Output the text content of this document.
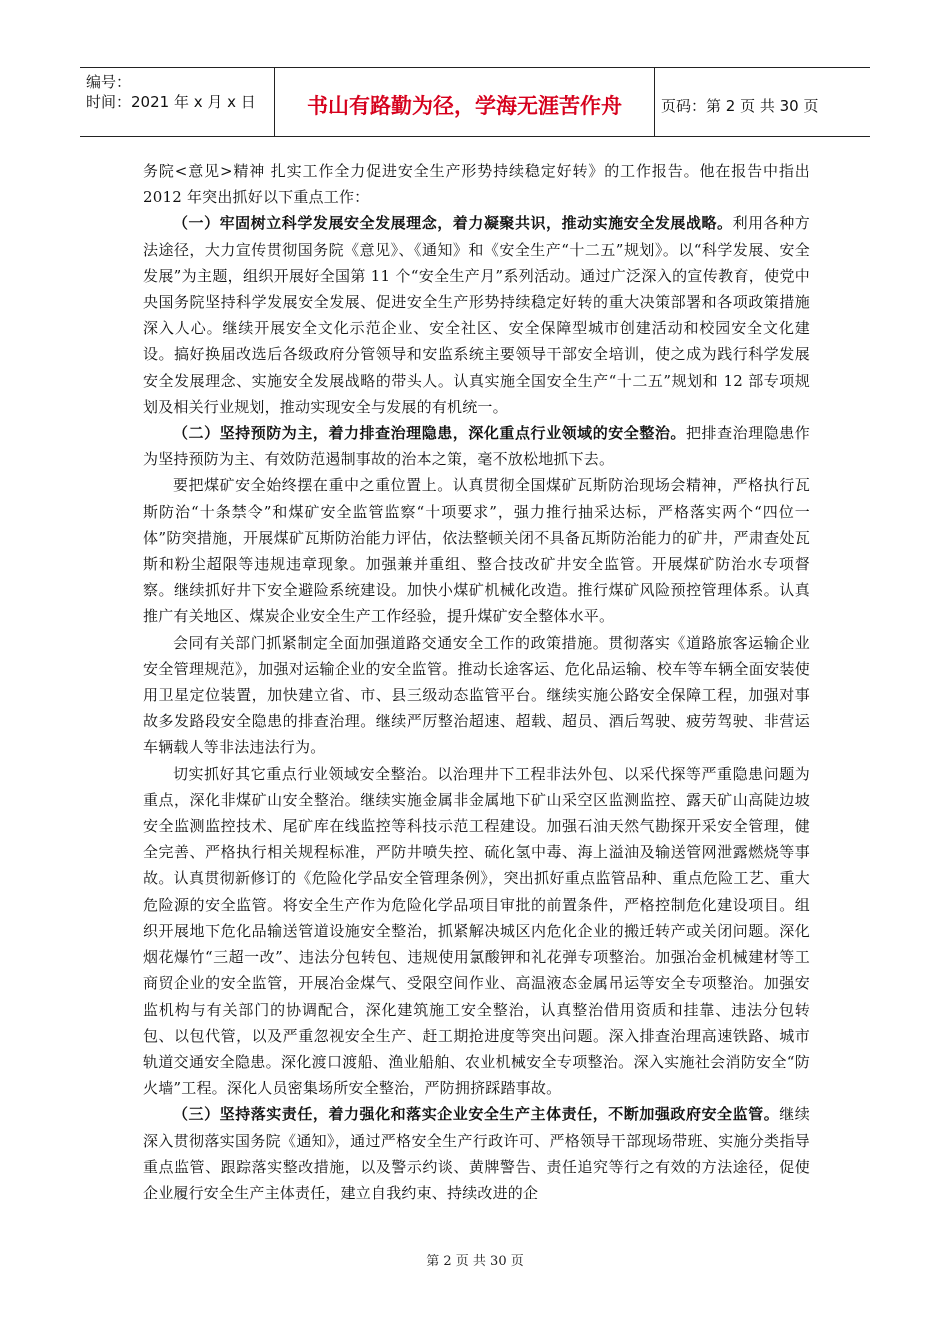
编号：
时间：2021 年 x 月 x 日	书山有路勤为径，学海无涯苦作舟	页码：第 2 页 共 30 页

务院<意见>精神 扎实工作全力促进安全生产形势持续稳定好转》的工作报告。他在报告中指出 2012 年突出抓好以下重点工作：

（一）牢固树立科学发展安全发展理念，着力凝聚共识，推动实施安全发展战略。利用各种方法途径，大力宣传贯彻国务院《意见》、《通知》和《安全生产“十二五”规划》。以“科学发展、安全发展”为主题，组织开展好全国第 11 个“安全生产月”系列活动。通过广泛深入的宣传教育，使党中央国务院坚持科学发展安全发展、促进安全生产形势持续稳定好转的重大决策部署和各项政策措施深入人心。继续开展安全文化示范企业、安全社区、安全保障型城市创建活动和校园安全文化建设。搞好换届改选后各级政府分管领导和安监系统主要领导干部安全培训，使之成为践行科学发展安全发展理念、实施安全发展战略的带头人。认真实施全国安全生产“十二五”规划和 12 部专项规划及相关行业规划，推动实现安全与发展的有机统一。

（二）坚持预防为主，着力排查治理隐患，深化重点行业领域的安全整治。把排查治理隐患作为坚持预防为主、有效防范遏制事故的治本之策，毫不放松地抓下去。

要把煤矿安全始终摆在重中之重位置上。认真贯彻全国煤矿瓦斯防治现场会精神，严格执行瓦斯防治“十条禁令”和煤矿安全监管监察“十项要求”，强力推行抽采达标，严格落实两个“四位一体”防突措施，开展煤矿瓦斯防治能力评估，依法整顿关闭不具备瓦斯防治能力的矿井，严肃查处瓦斯和粉尘超限等违规违章现象。加强兼并重组、整合技改矿井安全监管。开展煤矿防治水专项督察。继续抓好井下安全避险系统建设。加快小煤矿机械化改造。推行煤矿风险预控管理体系。认真推广有关地区、煤炭企业安全生产工作经验，提升煤矿安全整体水平。

会同有关部门抓紧制定全面加强道路交通安全工作的政策措施。贯彻落实《道路旅客运输企业安全管理规范》，加强对运输企业的安全监管。推动长途客运、危化品运输、校车等车辆全面安装使用卫星定位装置，加快建立省、市、县三级动态监管平台。继续实施公路安全保障工程，加强对事故多发路段安全隐患的排查治理。继续严厉整治超速、超载、超员、酒后驾驶、疲劳驾驶、非营运车辆载人等非法违法行为。

切实抓好其它重点行业领域安全整治。以治理井下工程非法外包、以采代探等严重隐患问题为重点，深化非煤矿山安全整治。继续实施金属非金属地下矿山采空区监测监控、露天矿山高陡边坡安全监测监控技术、尾矿库在线监控等科技示范工程建设。加强石油天然气勘探开采安全管理，健全完善、严格执行相关规程标准，严防井喷失控、硫化氢中毒、海上溢油及输送管网泄露燃烧等事故。认真贯彻新修订的《危险化学品安全管理条例》，突出抓好重点监管品种、重点危险工艺、重大危险源的安全监管。将安全生产作为危险化学品项目审批的前置条件，严格控制危化建设项目。组织开展地下危化品输送管道设施安全整治，抓紧解决城区内危化企业的搬迁转产或关闭问题。深化烟花爆竹“三超一改”、违法分包转包、违规使用氯酸钾和礼花弹专项整治。加强冶金机械建材等工商贸企业的安全监管，开展冶金煤气、受限空间作业、高温液态金属吊运等安全专项整治。加强安监机构与有关部门的协调配合，深化建筑施工安全整治，认真整治借用资质和挂靠、违法分包转包、以包代管，以及严重忽视安全生产、赶工期抢进度等突出问题。深入排查治理高速铁路、城市轨道交通安全隐患。深化渡口渡船、渔业船舶、农业机械安全专项整治。深入实施社会消防安全“防火墙”工程。深化人员密集场所安全整治，严防拥挤踩踏事故。

（三）坚持落实责任，着力强化和落实企业安全生产主体责任，不断加强政府安全监管。继续深入贯彻落实国务院《通知》，通过严格安全生产行政许可、严格领导干部现场带班、实施分类指导重点监管、跟踪落实整改措施，以及警示约谈、黄牌警告、责任追究等行之有效的方法途径，促使企业履行安全生产主体责任，建立自我约束、持续改进的企

第 2 页 共 30 页
